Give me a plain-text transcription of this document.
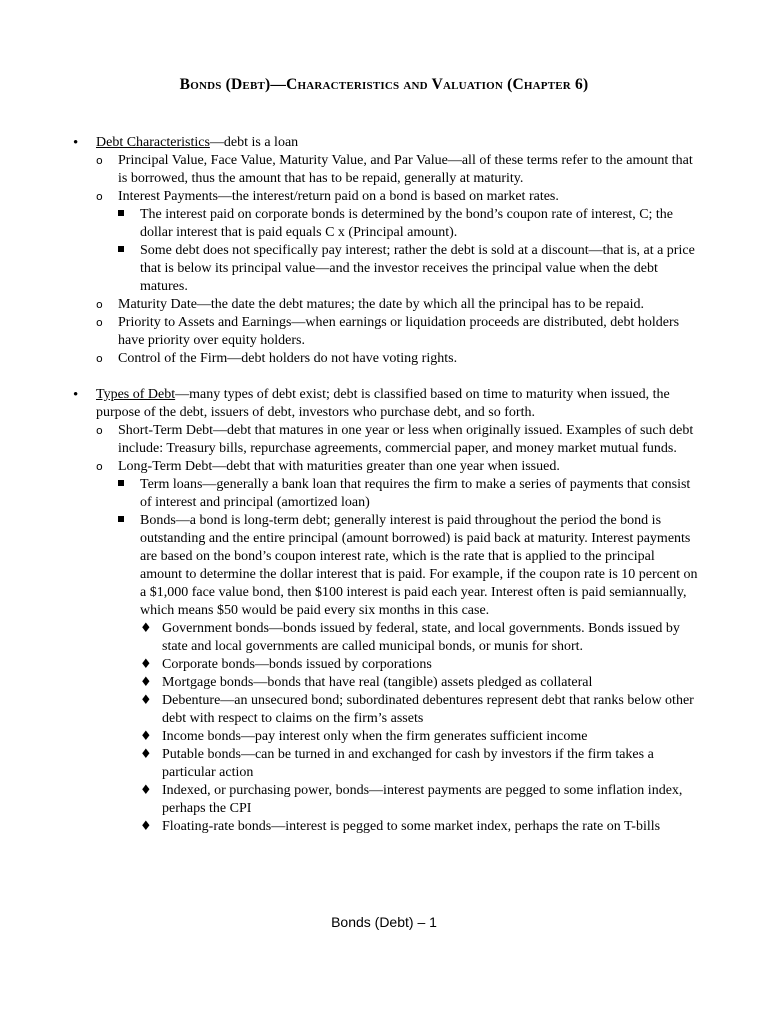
Bonds (Debt)—Characteristics and Valuation (Chapter 6)
• Debt Characteristics—debt is a loan
o Principal Value, Face Value, Maturity Value, and Par Value—all of these terms refer to the amount that is borrowed, thus the amount that has to be repaid, generally at maturity.
o Interest Payments—the interest/return paid on a bond is based on market rates.
The interest paid on corporate bonds is determined by the bond’s coupon rate of interest, C; the dollar interest that is paid equals C x (Principal amount).
Some debt does not specifically pay interest; rather the debt is sold at a discount—that is, at a price that is below its principal value—and the investor receives the principal value when the debt matures.
o Maturity Date—the date the debt matures; the date by which all the principal has to be repaid.
o Priority to Assets and Earnings—when earnings or liquidation proceeds are distributed, debt holders have priority over equity holders.
o Control of the Firm—debt holders do not have voting rights.
• Types of Debt—many types of debt exist; debt is classified based on time to maturity when issued, the purpose of the debt, issuers of debt, investors who purchase debt, and so forth.
o Short-Term Debt—debt that matures in one year or less when originally issued. Examples of such debt include: Treasury bills, repurchase agreements, commercial paper, and money market mutual funds.
o Long-Term Debt—debt that with maturities greater than one year when issued.
Term loans—generally a bank loan that requires the firm to make a series of payments that consist of interest and principal (amortized loan)
Bonds—a bond is long-term debt; generally interest is paid throughout the period the bond is outstanding and the entire principal (amount borrowed) is paid back at maturity. Interest payments are based on the bond’s coupon interest rate, which is the rate that is applied to the principal amount to determine the dollar interest that is paid. For example, if the coupon rate is 10 percent on a $1,000 face value bond, then $100 interest is paid each year. Interest often is paid semiannually, which means $50 would be paid every six months in this case.
♦ Government bonds—bonds issued by federal, state, and local governments. Bonds issued by state and local governments are called municipal bonds, or munis for short.
♦ Corporate bonds—bonds issued by corporations
♦ Mortgage bonds—bonds that have real (tangible) assets pledged as collateral
♦ Debenture—an unsecured bond; subordinated debentures represent debt that ranks below other debt with respect to claims on the firm’s assets
♦ Income bonds—pay interest only when the firm generates sufficient income
♦ Putable bonds—can be turned in and exchanged for cash by investors if the firm takes a particular action
♦ Indexed, or purchasing power, bonds—interest payments are pegged to some inflation index, perhaps the CPI
♦ Floating-rate bonds—interest is pegged to some market index, perhaps the rate on T-bills
Bonds (Debt) – 1
